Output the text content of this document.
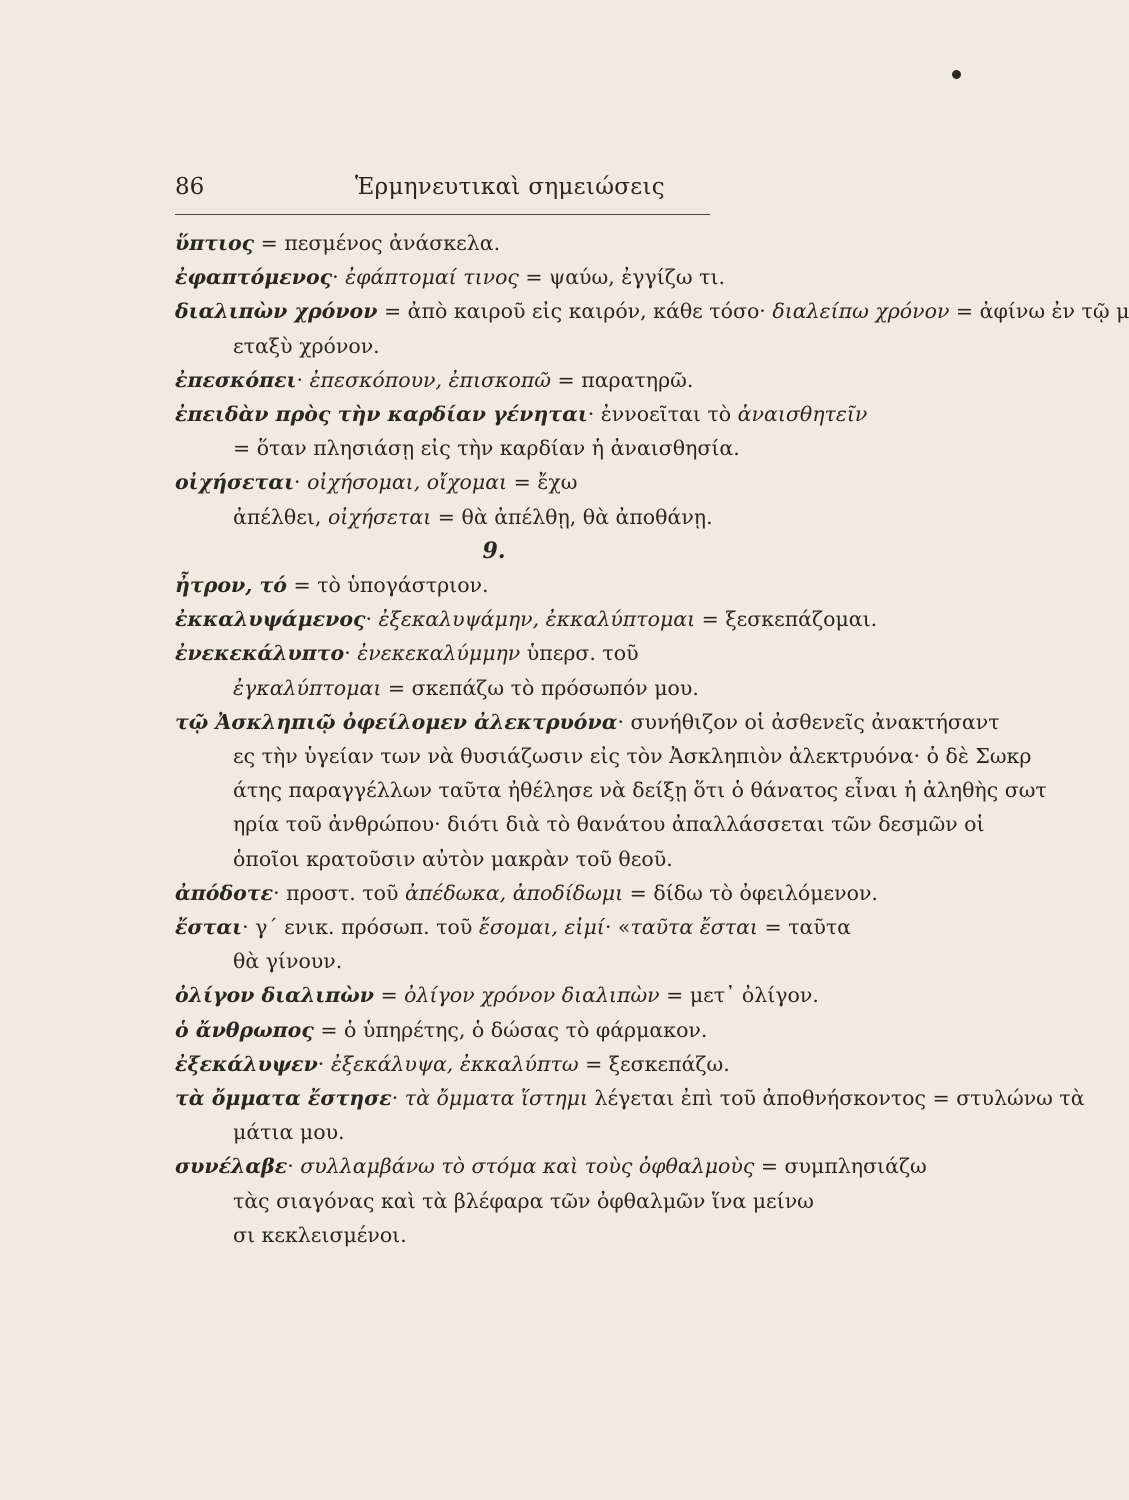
86	Ἑρμηνευτικαὶ σημειώσεις
ὕπτιος = πεσμένος ἀνάσκελα.
ἐφαπτόμενος· ἐφάπτομαί τινος = ψαύω, ἐγγίζω τι.
διαλιπὼν χρόνον = ἀπὸ καιροῦ εἰς καιρόν, κάθε τόσο· διαλείπω χρόνον = ἀφίνω ἐν τῷ μ
εταξὺ χρόνον.
ἐπεσκόπει· ἐπεσκόπουν, ἐπισκοπῶ = παρατηρῶ.
ἐπειδὰν πρὸς τὴν καρδίαν γένηται· ἐννοεῖται τὸ ἀναισθητεῖν
= ὅταν πλησιάσῃ εἰς τὴν καρδίαν ἡ ἀναισθησία.
οἰχήσεται· οἰχήσομαι, οἴχομαι = ἔχω
ἀπέλθει, οἰχήσεται = θὰ ἀπέλθῃ, θὰ ἀποθάνῃ.
9.
ἦτρον, τό = τὸ ὑπογάστριον.
ἐκκαλυψάμενος· ἐξεκαλυψάμην, ἐκκαλύπτομαι = ξεσκεπάζομαι.
ἐνεκεκάλυπτο· ἐνεκεκαλύμμην ὑπερσ. τοῦ
ἐγκαλύπτομαι = σκεπάζω τὸ πρόσωπόν μου.
τῷ Ἀσκληπιῷ ὀφείλομεν ἀλεκτρυόνα· συνήθιζον οἱ ἀσθενεῖς ἀνακτήσαντ
ες τὴν ὑγείαν των νὰ θυσιάζωσιν εἰς τὸν Ἀσκληπιὸν ἀλεκτρυόνα· ὁ δὲ Σωκρ
άτης παραγγέλλων ταῦτα ἠθέλησε νὰ δείξῃ ὅτι ὁ θάνατος εἶναι ἡ ἀληθὴς σωτ
ηρία τοῦ ἀνθρώπου· διότι διὰ τὸ θανάτου ἀπαλλάσσεται τῶν δεσμῶν οἱ
ὁποῖοι κρατοῦσιν αὐτὸν μακρὰν τοῦ θεοῦ.

ἀπόδοτε· προστ. τοῦ ἀπέδωκα, ἀποδίδωμι = δίδω τὸ ὀφειλόμενον.

ἔσται· γ΄ ενικ. πρόσωπ. τοῦ ἔσομαι, εἰμί· «ταῦτα ἔσται = ταῦτα
θὰ γίνουν.
ὀλίγον διαλιπὼν = ὀλίγον χρόνον διαλιπὼν = μετ᾽ ὀλίγον.
ὁ ἄνθρωπος = ὁ ὑπηρέτης, ὁ δώσας τὸ φάρμακον.
ἐξεκάλυψεν· ἐξεκάλυψα, ἐκκαλύπτω = ξεσκεπάζω.
τὰ ὄμματα ἔστησε· τὰ ὄμματα ἵστημι λέγεται ἐπὶ τοῦ ἀποθνήσκοντος = στυλώνω τὰ
μάτια μου.
συνέλαβε· συλλαμβάνω τὸ στόμα καὶ τοὺς ὀφθαλμοὺς = συμπλησιάζω
τὰς σιαγόνας καὶ τὰ βλέφαρα τῶν ὀφθαλμῶν ἵνα μείνω
σι κεκλεισμένοι.
